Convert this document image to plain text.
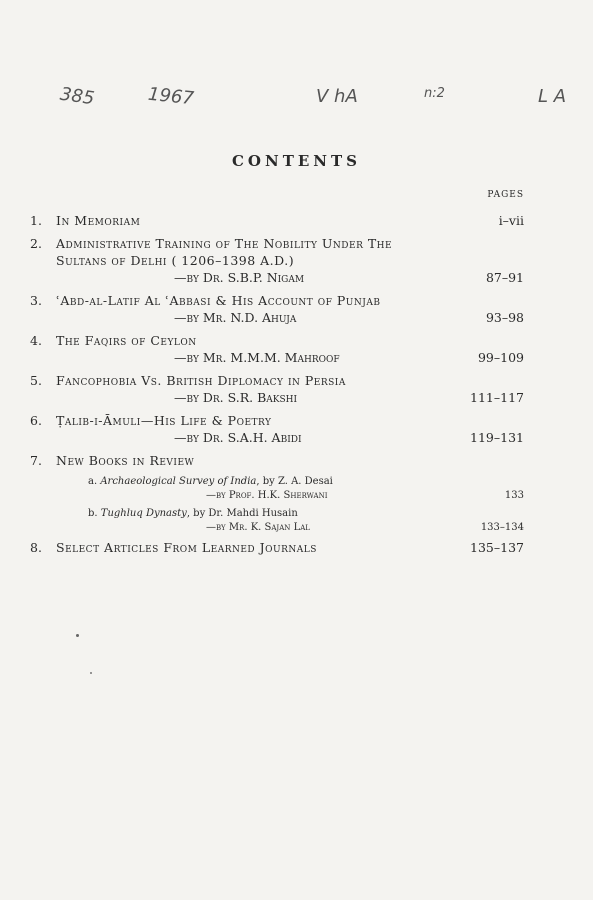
385	1967	V hA	n:2	L A
CONTENTS
PAGES
1.	In Memoriam	i–vii
2.	Administrative Training of The Nobility Under The Sultans of Delhi ( 1206–1398 A.D.)
—by Dr. S.B.P. Nigam	87–91
3.	ʿAbd-al-Latif Al ʿAbbasi & His Account of Punjab
—by Mr. N.D. Ahuja	93–98
4.	The Faqirs of Ceylon
—by Mr. M.M.M. Mahroof	99–109
5.	Fancophobia Vs. British Diplomacy in Persia
—by Dr. S.R. Bakshi	111–117
6.	Ṭalib-i-Āmuli—His Life & Poetry
—by Dr. S.A.H. Abidi	119–131
7.	New Books in Review
a. Archaeological Survey of India, by Z. A. Desai
—by Prof. H.K. Sherwani	133
b. Tughluq Dynasty, by Dr. Mahdi Husain
—by Mr. K. Sajan Lal	133–134
8.	Select Articles From Learned Journals	135–137
